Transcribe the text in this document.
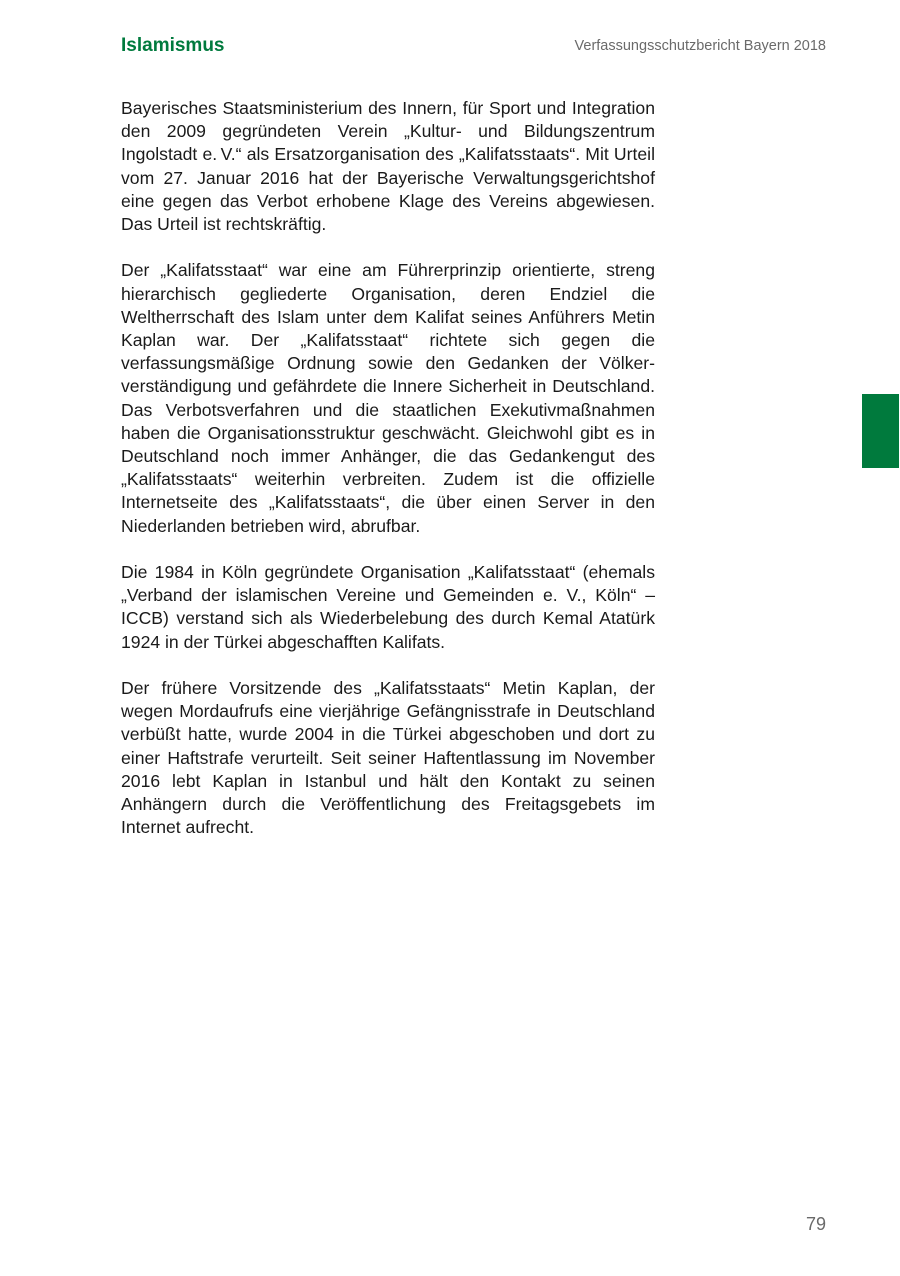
Islamismus	Verfassungsschutzbericht Bayern 2018

Bayerisches Staatsministerium des Innern, für Sport und Integration den 2009 gegründeten Verein „Kultur- und Bildungszentrum Ingolstadt e. V.“ als Ersatzorganisation des „Kalifatsstaats“. Mit Urteil vom 27. Januar 2016 hat der Bayerische Verwaltungsgerichtshof eine gegen das Verbot erhobene Klage des Vereins abgewiesen. Das Urteil ist rechtskräftig.

Der „Kalifatsstaat“ war eine am Führerprinzip orientierte, streng hierarchisch gegliederte Organisation, deren Endziel die Weltherrschaft des Islam unter dem Kalifat seines Anführers Metin Kaplan war. Der „Kalifatsstaat“ richtete sich gegen die verfassungsmäßige Ordnung sowie den Gedanken der Völkerverständigung und gefährdete die Innere Sicherheit in Deutschland. Das Verbotsverfahren und die staatlichen Exekutivmaßnahmen haben die Organisationsstruktur geschwächt. Gleichwohl gibt es in Deutschland noch immer Anhänger, die das Gedankengut des „Kalifatsstaats“ weiterhin verbreiten. Zudem ist die offizielle Internetseite des „Kalifatsstaats“, die über einen Server in den Niederlanden betrieben wird, abrufbar.

Die 1984 in Köln gegründete Organisation „Kalifatsstaat“ (ehemals „Verband der islamischen Vereine und Gemeinden e. V., Köln“ – ICCB) verstand sich als Wiederbelebung des durch Kemal Atatürk 1924 in der Türkei abgeschafften Kalifats.

Der frühere Vorsitzende des „Kalifatsstaats“ Metin Kaplan, der wegen Mordaufrufs eine vierjährige Gefängnisstrafe in Deutschland verbüßt hatte, wurde 2004 in die Türkei abgeschoben und dort zu einer Haftstrafe verurteilt. Seit seiner Haftentlassung im November 2016 lebt Kaplan in Istanbul und hält den Kontakt zu seinen Anhängern durch die Veröffentlichung des Freitagsgebets im Internet aufrecht.

79
